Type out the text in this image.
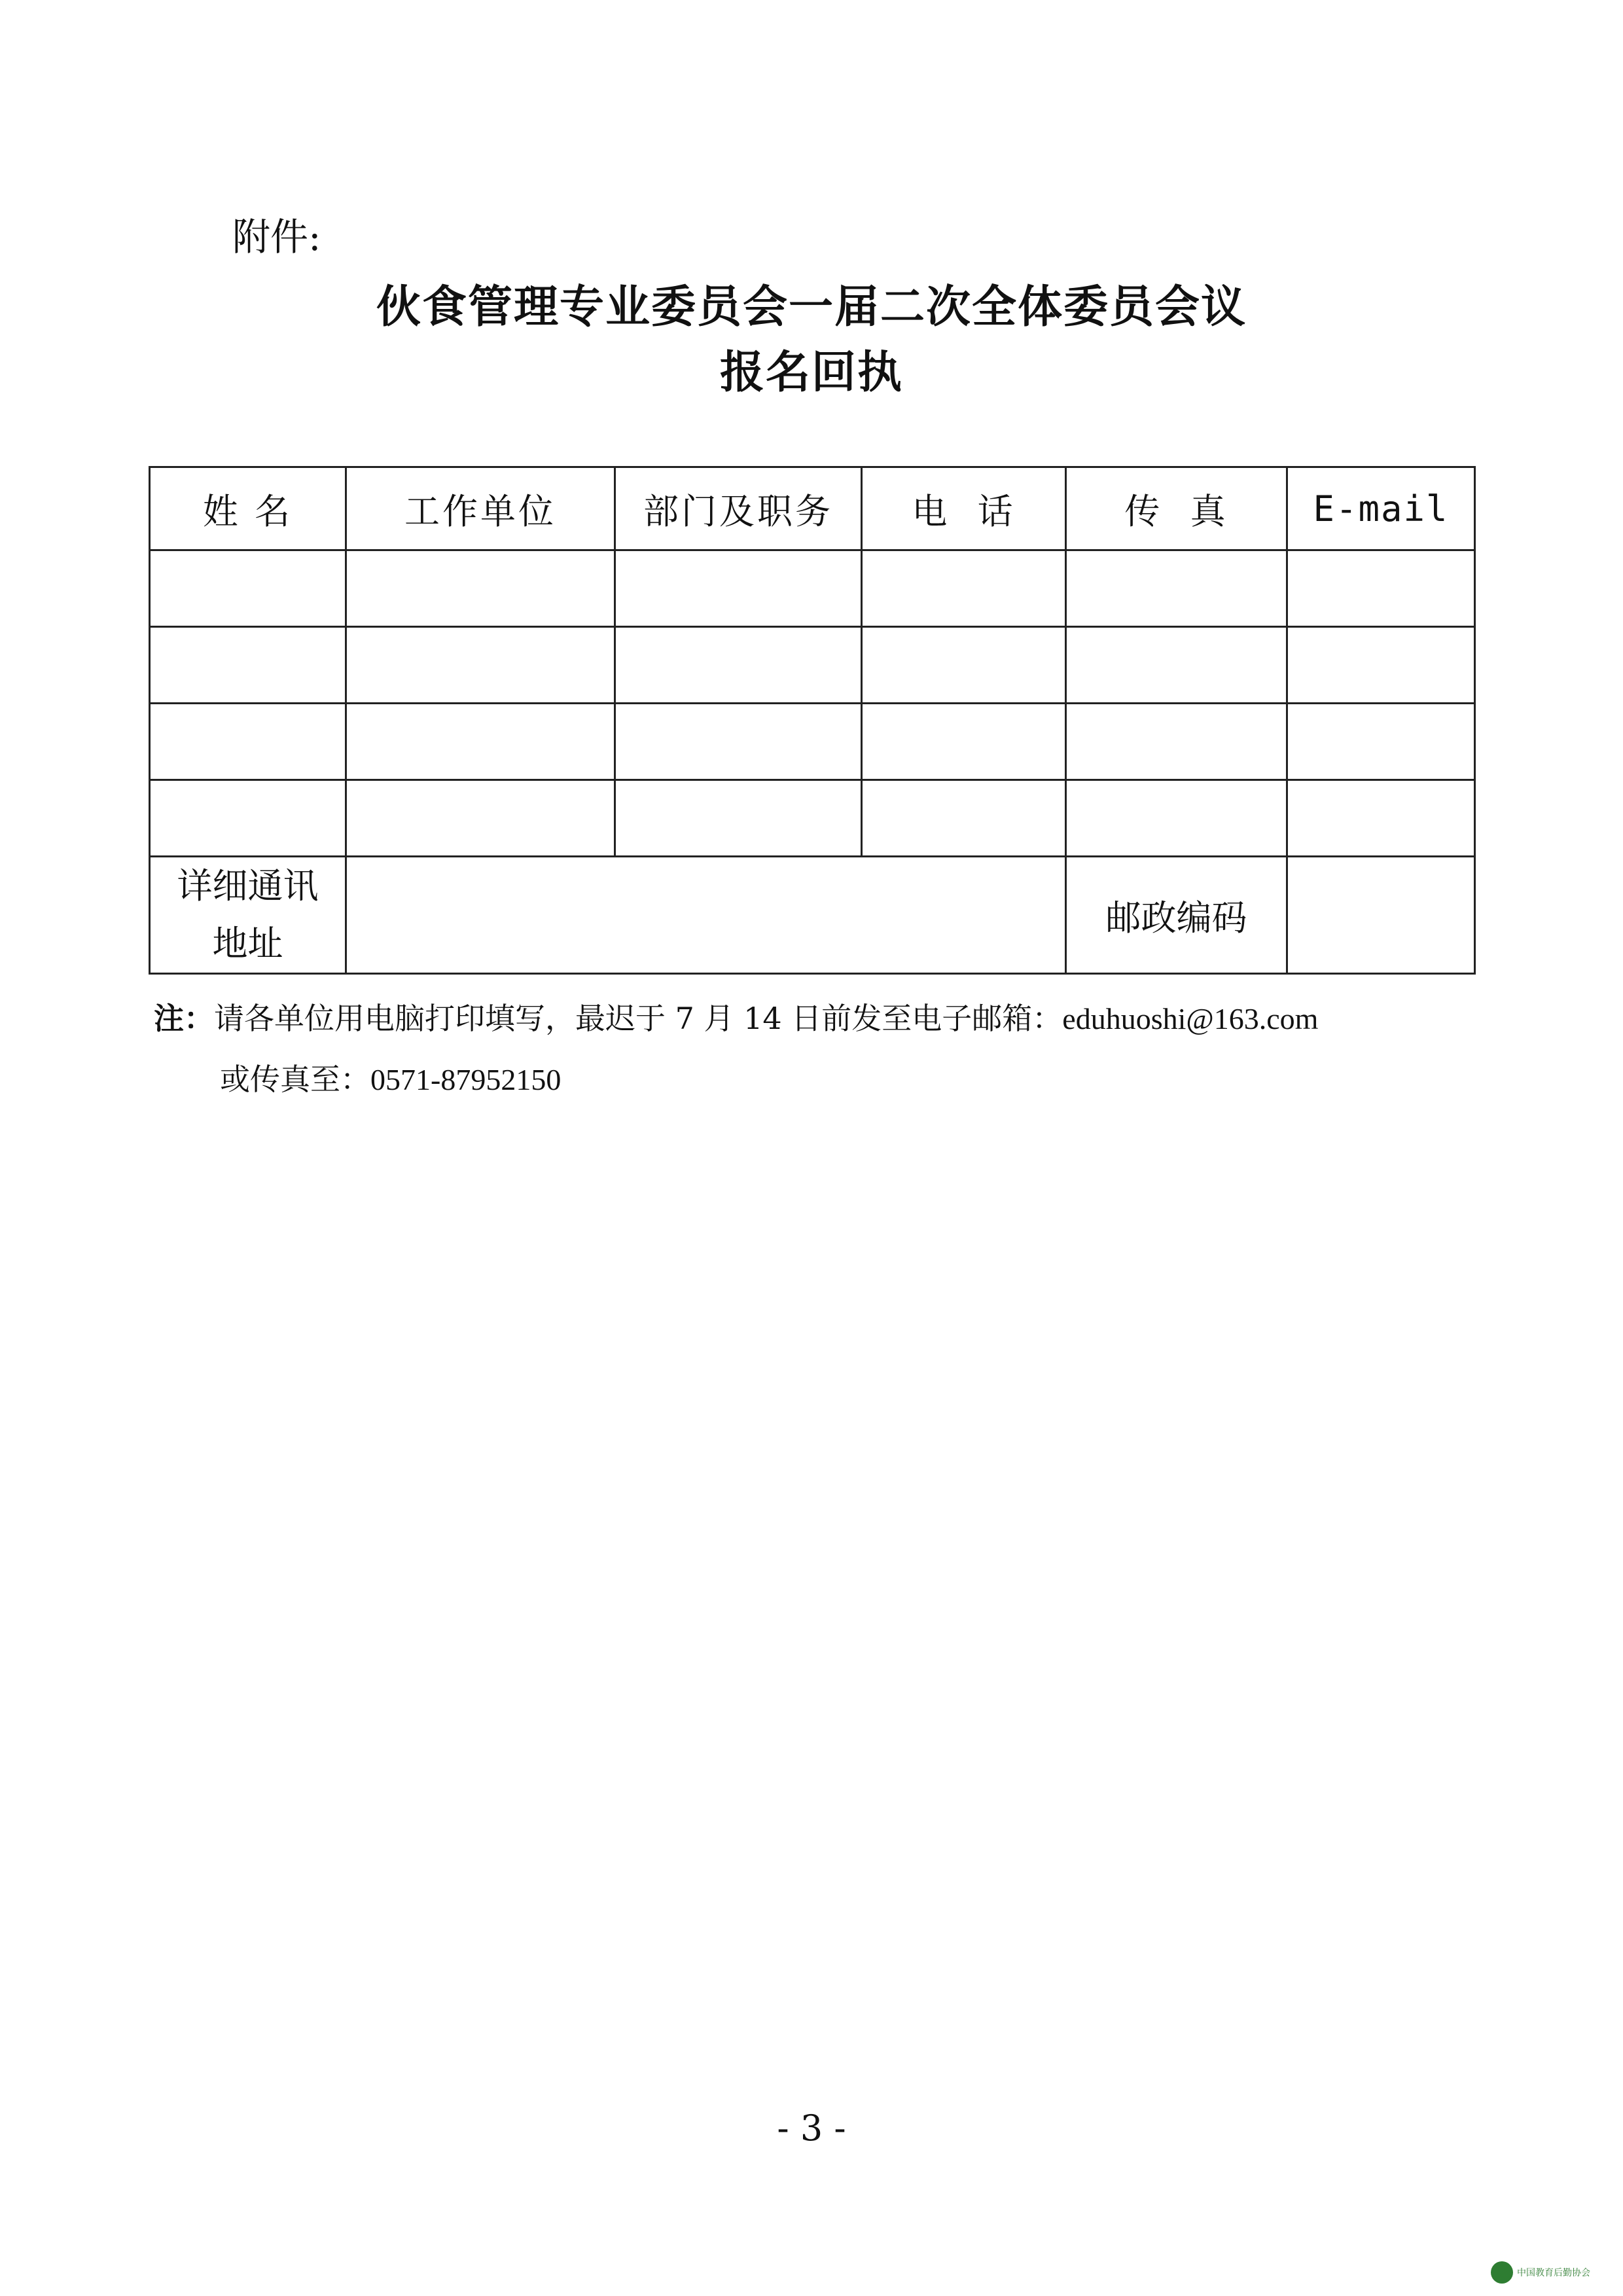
附件:
伙食管理专业委员会一届二次全体委员会议
报名回执
姓 名	工作单位	部门及职务	电  话	传  真	E-mail

详细通讯
地址				邮政编码	
注：请各单位用电脑打印填写，最迟于 7 月 14 日前发至电子邮箱：eduhuoshi@163.com
或传真至：0571-87952150
- 3 -
中国教育后勤协会
